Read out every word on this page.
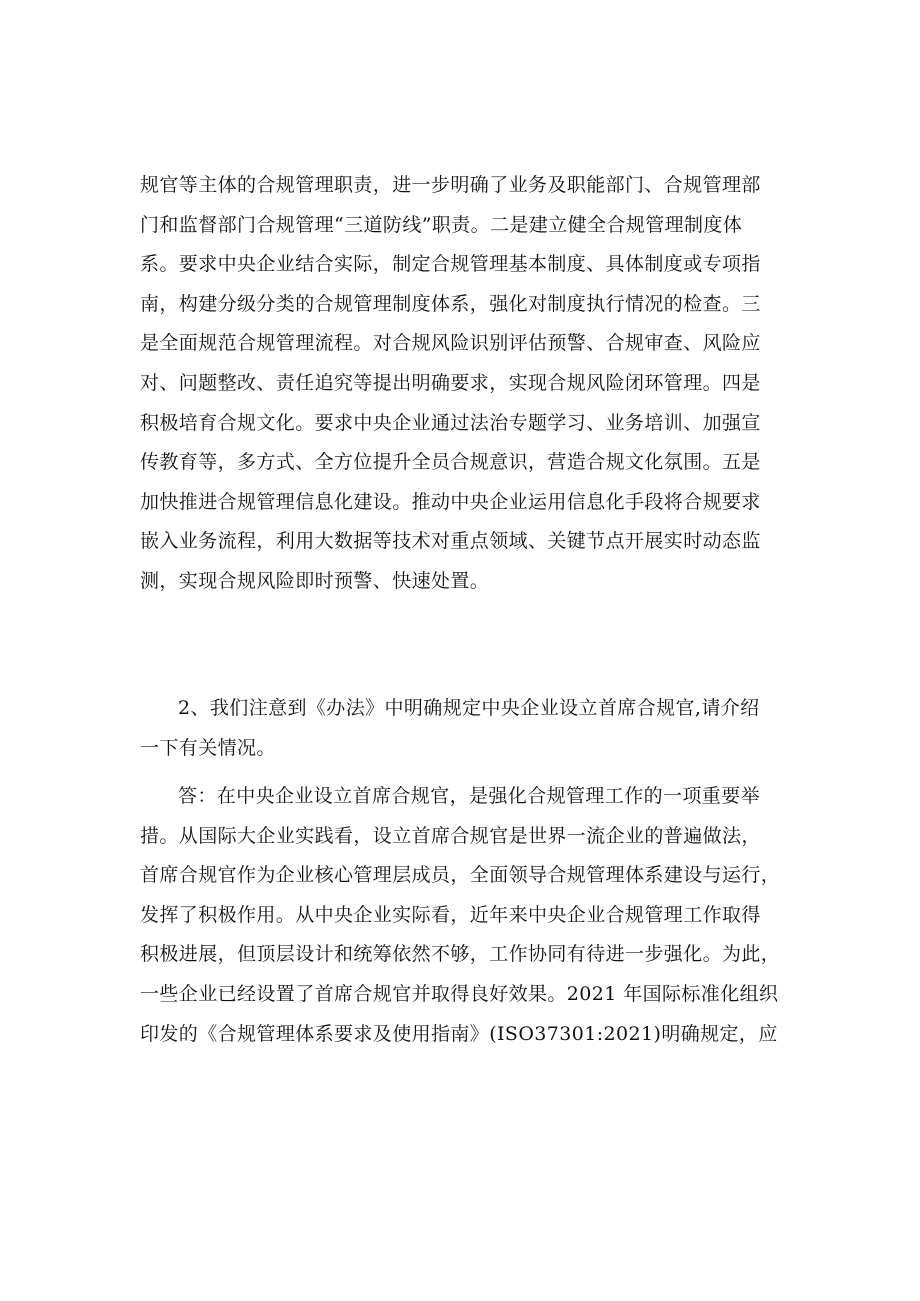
规官等主体的合规管理职责，进一步明确了业务及职能部门、合规管理部
门和监督部门合规管理“三道防线”职责。二是建立健全合规管理制度体
系。要求中央企业结合实际，制定合规管理基本制度、具体制度或专项指
南，构建分级分类的合规管理制度体系，强化对制度执行情况的检查。三
是全面规范合规管理流程。对合规风险识别评估预警、合规审查、风险应
对、问题整改、责任追究等提出明确要求，实现合规风险闭环管理。四是
积极培育合规文化。要求中央企业通过法治专题学习、业务培训、加强宣
传教育等，多方式、全方位提升全员合规意识，营造合规文化氛围。五是
加快推进合规管理信息化建设。推动中央企业运用信息化手段将合规要求
嵌入业务流程，利用大数据等技术对重点领域、关键节点开展实时动态监
测，实现合规风险即时预警、快速处置。
2、我们注意到《办法》中明确规定中央企业设立首席合规官,请介绍
一下有关情况。
答：在中央企业设立首席合规官，是强化合规管理工作的一项重要举
措。从国际大企业实践看，设立首席合规官是世界一流企业的普遍做法，
首席合规官作为企业核心管理层成员，全面领导合规管理体系建设与运行，
发挥了积极作用。从中央企业实际看，近年来中央企业合规管理工作取得
积极进展，但顶层设计和统筹依然不够，工作协同有待进一步强化。为此，
一些企业已经设置了首席合规官并取得良好效果。2021 年国际标准化组织
印发的《合规管理体系要求及使用指南》(ISO37301:2021)明确规定，应
